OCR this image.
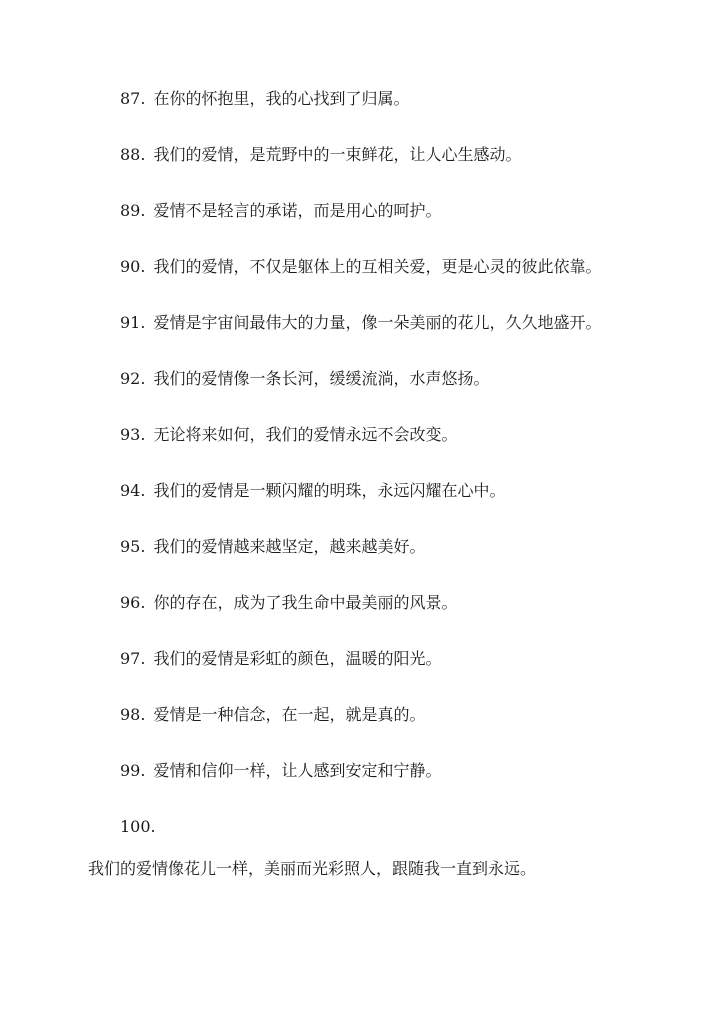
87. 在你的怀抱里，我的心找到了归属。
88. 我们的爱情，是荒野中的一束鲜花，让人心生感动。
89. 爱情不是轻言的承诺，而是用心的呵护。
90. 我们的爱情，不仅是躯体上的互相关爱，更是心灵的彼此依靠。
91. 爱情是宇宙间最伟大的力量，像一朵美丽的花儿，久久地盛开。
92. 我们的爱情像一条长河，缓缓流淌，水声悠扬。
93. 无论将来如何，我们的爱情永远不会改变。
94. 我们的爱情是一颗闪耀的明珠，永远闪耀在心中。
95. 我们的爱情越来越坚定，越来越美好。
96. 你的存在，成为了我生命中最美丽的风景。
97. 我们的爱情是彩虹的颜色，温暖的阳光。
98. 爱情是一种信念，在一起，就是真的。
99. 爱情和信仰一样，让人感到安定和宁静。
100.
我们的爱情像花儿一样，美丽而光彩照人，跟随我一直到永远。
